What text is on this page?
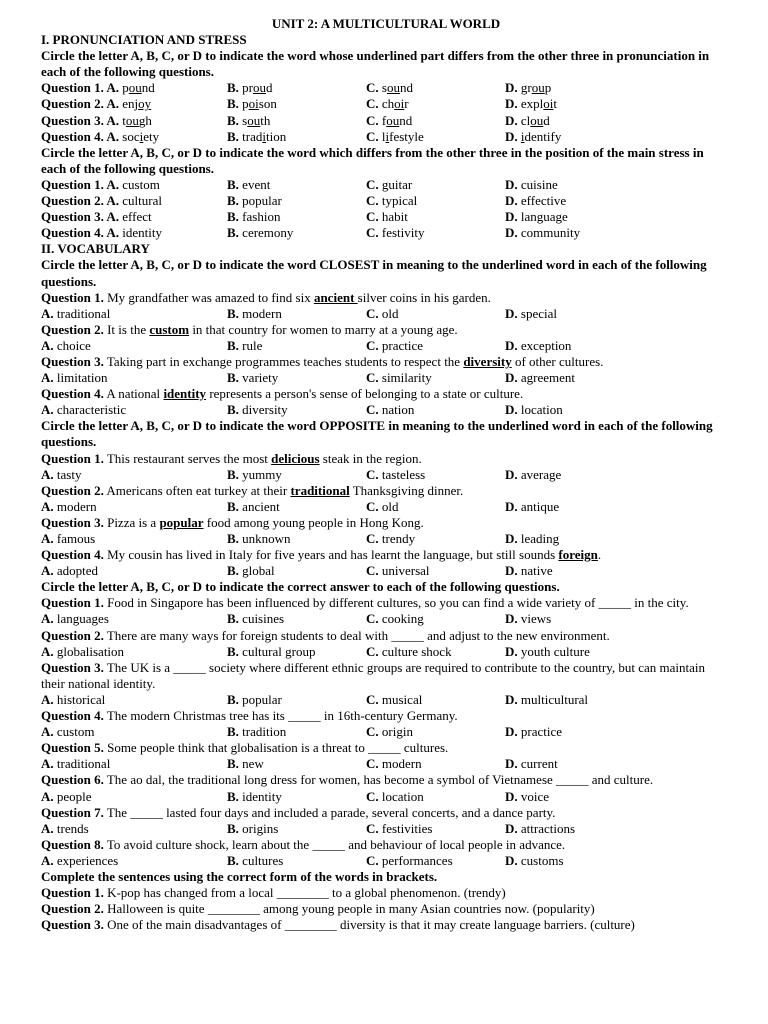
UNIT 2: A MULTICULTURAL WORLD
I. PRONUNCIATION AND STRESS
Circle the letter A, B, C, or D to indicate the word whose underlined part differs from the other three in pronunciation in each of the following questions.
Question 1. A. pound	B. proud	C. sound	D. group
Question 2. A. enjoy	B. poison	C. choir	D. exploit
Question 3. A. tough	B. south	C. found	D. cloud
Question 4. A. society	B. tradition	C. lifestyle	D. identify
Circle the letter A, B, C, or D to indicate the word which differs from the other three in the position of the main stress in each of the following questions.
Question 1. A. custom	B. event	C. guitar	D. cuisine
Question 2. A. cultural	B. popular	C. typical	D. effective
Question 3. A. effect	B. fashion	C. habit	D. language
Question 4. A. identity	B. ceremony	C. festivity	D. community
II. VOCABULARY
Circle the letter A, B, C, or D to indicate the word CLOSEST in meaning to the underlined word in each of the following questions.
Question 1. My grandfather was amazed to find six ancient silver coins in his garden.
A. traditional	B. modern	C. old	D. special
Question 2. It is the custom in that country for women to marry at a young age.
A. choice	B. rule	C. practice	D. exception
Question 3. Taking part in exchange programmes teaches students to respect the diversity of other cultures.
A. limitation	B. variety	C. similarity	D. agreement
Question 4. A national identity represents a person's sense of belonging to a state or culture.
A. characteristic	B. diversity	C. nation	D. location
Circle the letter A, B, C, or D to indicate the word OPPOSITE in meaning to the underlined word in each of the following questions.
Question 1. This restaurant serves the most delicious steak in the region.
A. tasty	B. yummy	C. tasteless	D. average
Question 2. Americans often eat turkey at their traditional Thanksgiving dinner.
A. modern	B. ancient	C. old	D. antique
Question 3. Pizza is a popular food among young people in Hong Kong.
A. famous	B. unknown	C. trendy	D. leading
Question 4. My cousin has lived in Italy for five years and has learnt the language, but still sounds foreign.
A. adopted	B. global	C. universal	D. native
Circle the letter A, B, C, or D to indicate the correct answer to each of the following questions.
Question 1. Food in Singapore has been influenced by different cultures, so you can find a wide variety of _____ in the city.
A. languages	B. cuisines	C. cooking	D. views
Question 2. There are many ways for foreign students to deal with _____ and adjust to the new environment.
A. globalisation	B. cultural group	C. culture shock	D. youth culture
Question 3. The UK is a _____ society where different ethnic groups are required to contribute to the country, but can maintain their national identity.
A. historical	B. popular	C. musical	D. multicultural
Question 4. The modern Christmas tree has its _____ in 16th-century Germany.
A. custom	B. tradition	C. origin	D. practice
Question 5. Some people think that globalisation is a threat to _____ cultures.
A. traditional	B. new	C. modern	D. current
Question 6. The ao dal, the traditional long dress for women, has become a symbol of Vietnamese _____ and culture.
A. people	B. identity	C. location	D. voice
Question 7. The _____ lasted four days and included a parade, several concerts, and a dance party.
A. trends	B. origins	C. festivities	D. attractions
Question 8. To avoid culture shock, learn about the _____ and behaviour of local people in advance.
A. experiences	B. cultures	C. performances	D. customs
Complete the sentences using the correct form of the words in brackets.
Question 1. K-pop has changed from a local ________ to a global phenomenon. (trendy)
Question 2. Halloween is quite ________ among young people in many Asian countries now. (popularity)
Question 3. One of the main disadvantages of ________ diversity is that it may create language barriers. (culture)
